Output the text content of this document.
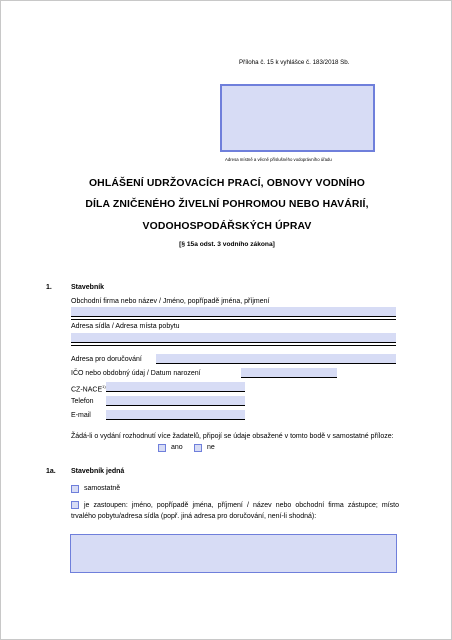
Příloha č. 15 k vyhlášce č. 183/2018 Sb.
Adresa místně a věcně příslušného vodoprávního úřadu
OHLÁŠENÍ UDRŽOVACÍCH PRACÍ, OBNOVY VODNÍHO
DÍLA ZNIČENÉHO ŽIVELNÍ POHROMOU NEBO HAVÁRIÍ,
VODOHOSPODÁŘSKÝCH ÚPRAV
[§ 15a odst. 3 vodního zákona]
1.	Stavebník
Obchodní firma nebo název / Jméno, popřípadě jména, příjmení
Adresa sídla / Adresa místa pobytu
Adresa pro doručování
IČO nebo obdobný údaj / Datum narození
CZ-NACE$^{1)}$
Telefon
E-mail
Žádá-li o vydání rozhodnutí více žadatelů, připojí se údaje obsažené v tomto bodě v samostatné příloze:
ano	ne
1a. Stavebník jedná
samostatně
je zastoupen: jméno, popřípadě jména, příjmení / název nebo obchodní firma zástupce; místo trvalého pobytu/adresa sídla (popř. jiná adresa pro doručování, není-li shodná):
